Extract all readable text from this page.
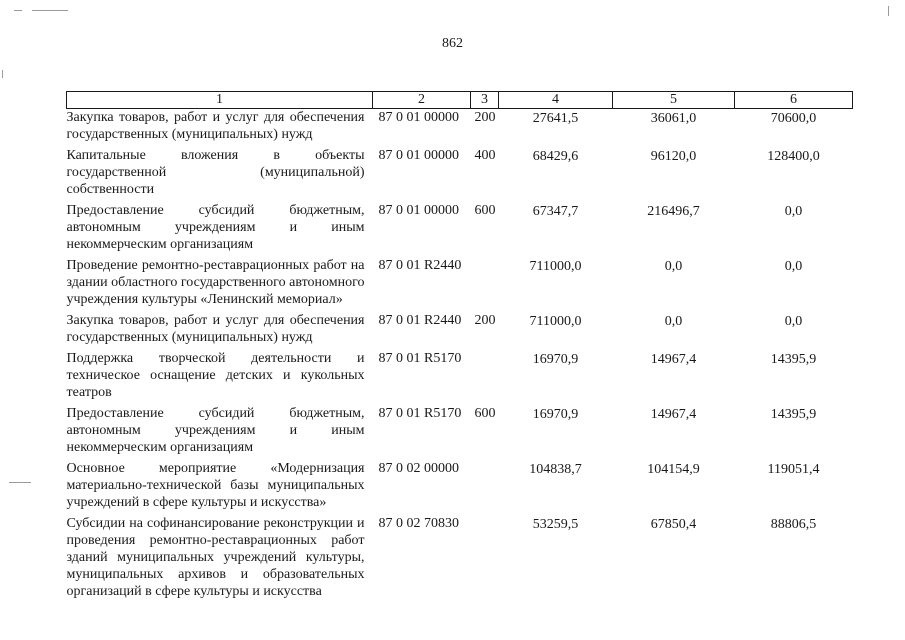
862
1	2	3	4	5	6
Закупка товаров, работ и услуг для обеспечения государственных (муниципальных) нужд	87 0 01 00000	200	27641,5	36061,0	70600,0
Капитальные вложения в объекты государственной (муниципальной) собственности	87 0 01 00000	400	68429,6	96120,0	128400,0
Предоставление субсидий бюджетным, автономным учреждениям и иным некоммерческим организациям	87 0 01 00000	600	67347,7	216496,7	0,0
Проведение ремонтно-реставрационных работ на здании областного государственного автономного учреждения культуры «Ленинский мемориал»	87 0 01 R2440		711000,0	0,0	0,0
Закупка товаров, работ и услуг для обеспечения государственных (муниципальных) нужд	87 0 01 R2440	200	711000,0	0,0	0,0
Поддержка творческой деятельности и техническое оснащение детских и кукольных театров	87 0 01 R5170		16970,9	14967,4	14395,9
Предоставление субсидий бюджетным, автономным учреждениям и иным некоммерческим организациям	87 0 01 R5170	600	16970,9	14967,4	14395,9
Основное мероприятие «Модернизация материально-технической базы муниципальных учреждений в сфере культуры и искусства»	87 0 02 00000		104838,7	104154,9	119051,4
Субсидии на софинансирование реконструкции и проведения ремонтно-реставрационных работ зданий муниципальных учреждений культуры, муниципальных архивов и образовательных организаций в сфере культуры и искусства	87 0 02 70830		53259,5	67850,4	88806,5
